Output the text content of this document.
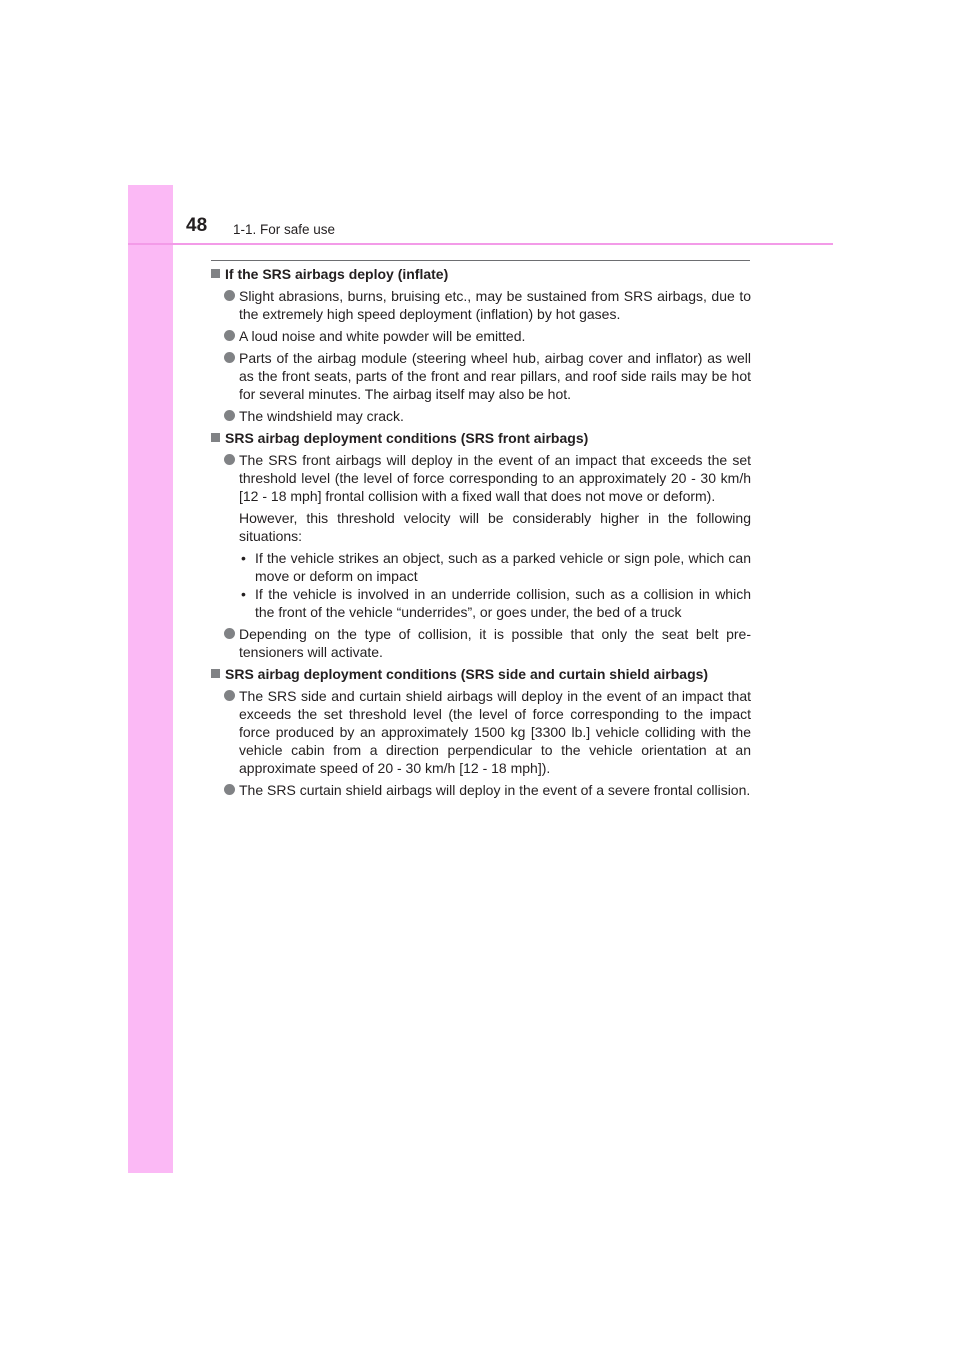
48 1-1. For safe use
If the SRS airbags deploy (inflate)
Slight abrasions, burns, bruising etc., may be sustained from SRS airbags, due to the extremely high speed deployment (inflation) by hot gases.
A loud noise and white powder will be emitted.
Parts of the airbag module (steering wheel hub, airbag cover and inflator) as well as the front seats, parts of the front and rear pillars, and roof side rails may be hot for several minutes. The airbag itself may also be hot.
The windshield may crack.
SRS airbag deployment conditions (SRS front airbags)
The SRS front airbags will deploy in the event of an impact that exceeds the set threshold level (the level of force corresponding to an approximately 20 - 30 km/h [12 - 18 mph] frontal collision with a fixed wall that does not move or deform).
However, this threshold velocity will be considerably higher in the following situations:
• If the vehicle strikes an object, such as a parked vehicle or sign pole, which can move or deform on impact
• If the vehicle is involved in an underride collision, such as a collision in which the front of the vehicle “underrides”, or goes under, the bed of a truck
Depending on the type of collision, it is possible that only the seat belt pre-tensioners will activate.
SRS airbag deployment conditions (SRS side and curtain shield airbags)
The SRS side and curtain shield airbags will deploy in the event of an impact that exceeds the set threshold level (the level of force corresponding to the impact force produced by an approximately 1500 kg [3300 lb.] vehicle colliding with the vehicle cabin from a direction perpendicular to the vehicle orientation at an approximate speed of 20 - 30 km/h [12 - 18 mph]).
The SRS curtain shield airbags will deploy in the event of a severe frontal collision.
